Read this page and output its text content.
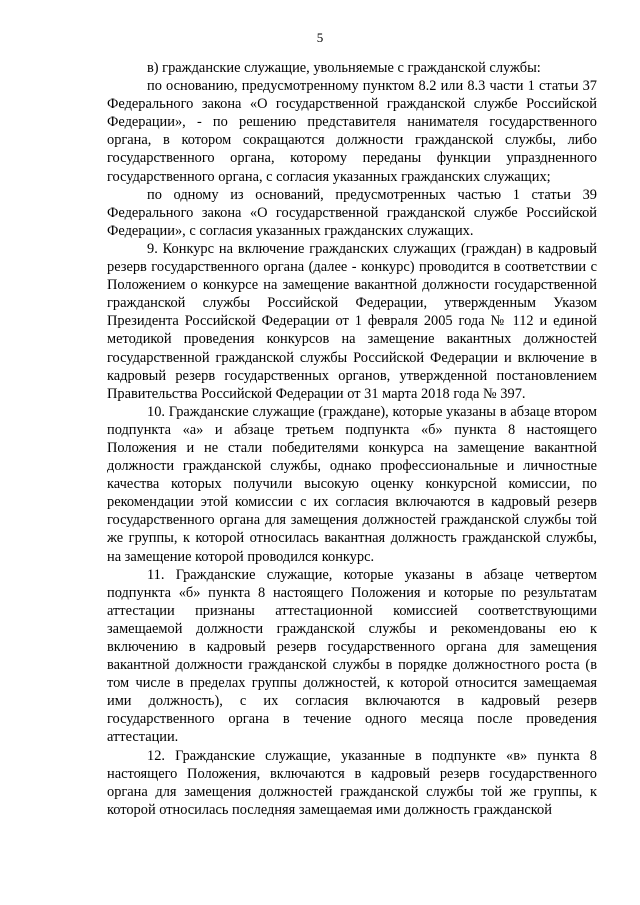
5

в) гражданские служащие, увольняемые с гражданской службы:

по основанию, предусмотренному пунктом 8.2 или 8.3 части 1 статьи 37 Федерального закона «О государственной гражданской службе Российской Федерации», - по решению представителя нанимателя государственного органа, в котором сокращаются должности гражданской службы, либо государственного органа, которому переданы функции упраздненного государственного органа, с согласия указанных гражданских служащих;

по одному из оснований, предусмотренных частью 1 статьи 39 Федерального закона «О государственной гражданской службе Российской Федерации», с согласия указанных гражданских служащих.

9. Конкурс на включение гражданских служащих (граждан) в кадровый резерв государственного органа (далее - конкурс) проводится в соответствии с Положением о конкурсе на замещение вакантной должности государственной гражданской службы Российской Федерации, утвержденным Указом Президента Российской Федерации от 1 февраля 2005 года № 112 и единой методикой проведения конкурсов на замещение вакантных должностей государственной гражданской службы Российской Федерации и включение в кадровый резерв государственных органов, утвержденной постановлением Правительства Российской Федерации от 31 марта 2018 года № 397.

10. Гражданские служащие (граждане), которые указаны в абзаце втором подпункта «а» и абзаце третьем подпункта «б» пункта 8 настоящего Положения и не стали победителями конкурса на замещение вакантной должности гражданской службы, однако профессиональные и личностные качества которых получили высокую оценку конкурсной комиссии, по рекомендации этой комиссии с их согласия включаются в кадровый резерв государственного органа для замещения должностей гражданской службы той же группы, к которой относилась вакантная должность гражданской службы, на замещение которой проводился конкурс.

11. Гражданские служащие, которые указаны в абзаце четвертом подпункта «б» пункта 8 настоящего Положения и которые по результатам аттестации признаны аттестационной комиссией соответствующими замещаемой должности гражданской службы и рекомендованы ею к включению в кадровый резерв государственного органа для замещения вакантной должности гражданской службы в порядке должностного роста (в том числе в пределах группы должностей, к которой относится замещаемая ими должность), с их согласия включаются в кадровый резерв государственного органа в течение одного месяца после проведения аттестации.

12. Гражданские служащие, указанные в подпункте «в» пункта 8 настоящего Положения, включаются в кадровый резерв государственного органа для замещения должностей гражданской службы той же группы, к которой относилась последняя замещаемая ими должность гражданской
